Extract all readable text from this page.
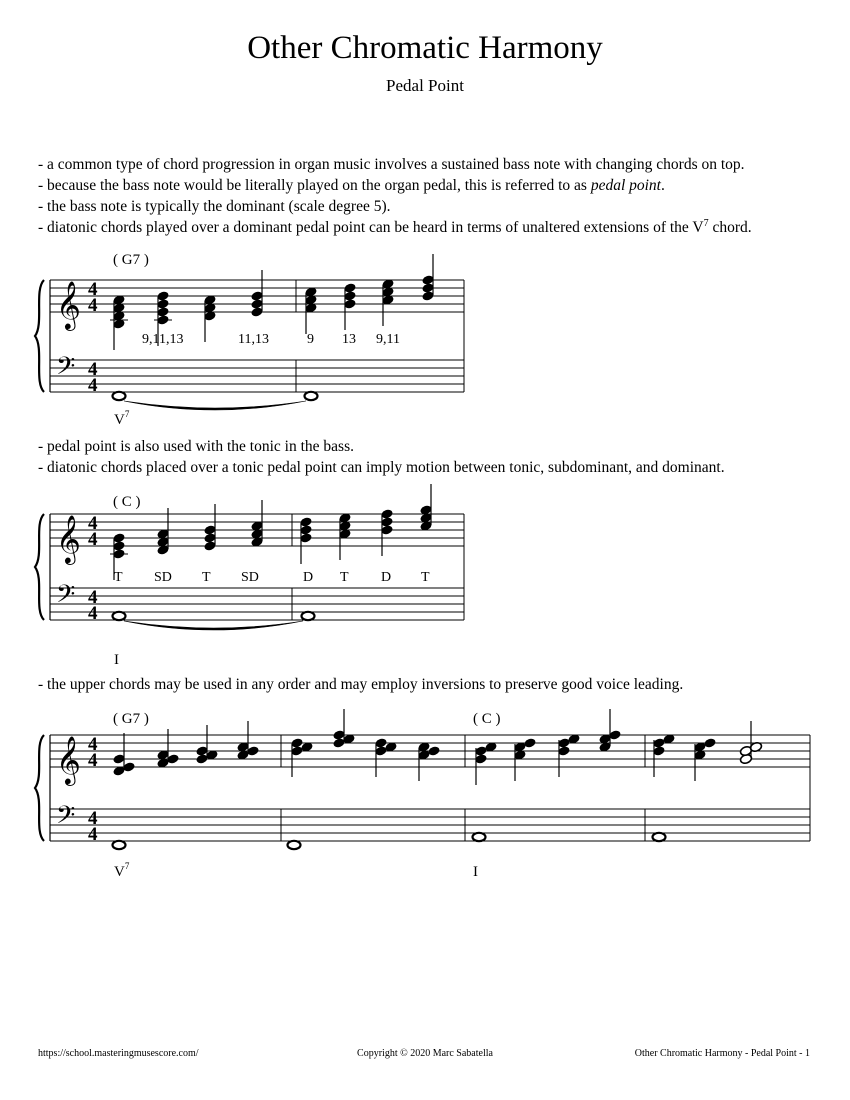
Other Chromatic Harmony
Pedal Point
- a common type of chord progression in organ music involves a sustained bass note with changing chords on top.
- because the bass note would be literally played on the organ pedal, this is referred to as pedal point.
- the bass note is typically the dominant (scale degree 5).
- diatonic chords played over a dominant pedal point can be heard in terms of unaltered extensions of the $V^7$ chord.
( G7 )
𝄞
𝄢
4
4
4
4
9,11,13	11,13	9 13 9,11
$V^7$
- pedal point is also used with the tonic in the bass.
- diatonic chords placed over a tonic pedal point can imply motion between tonic, subdominant, and dominant.
( C )
𝄞
𝄢
4
4
4
4
T SD T SD	D T D T
I
- the upper chords may be used in any order and may employ inversions to preserve good voice leading.
( G7 )	( C )
𝄞
𝄢
4
4
4
4
$V^7$	I
https://school.masteringmusescore.com/	Copyright © 2020 Marc Sabatella	Other Chromatic Harmony - Pedal Point - 1
